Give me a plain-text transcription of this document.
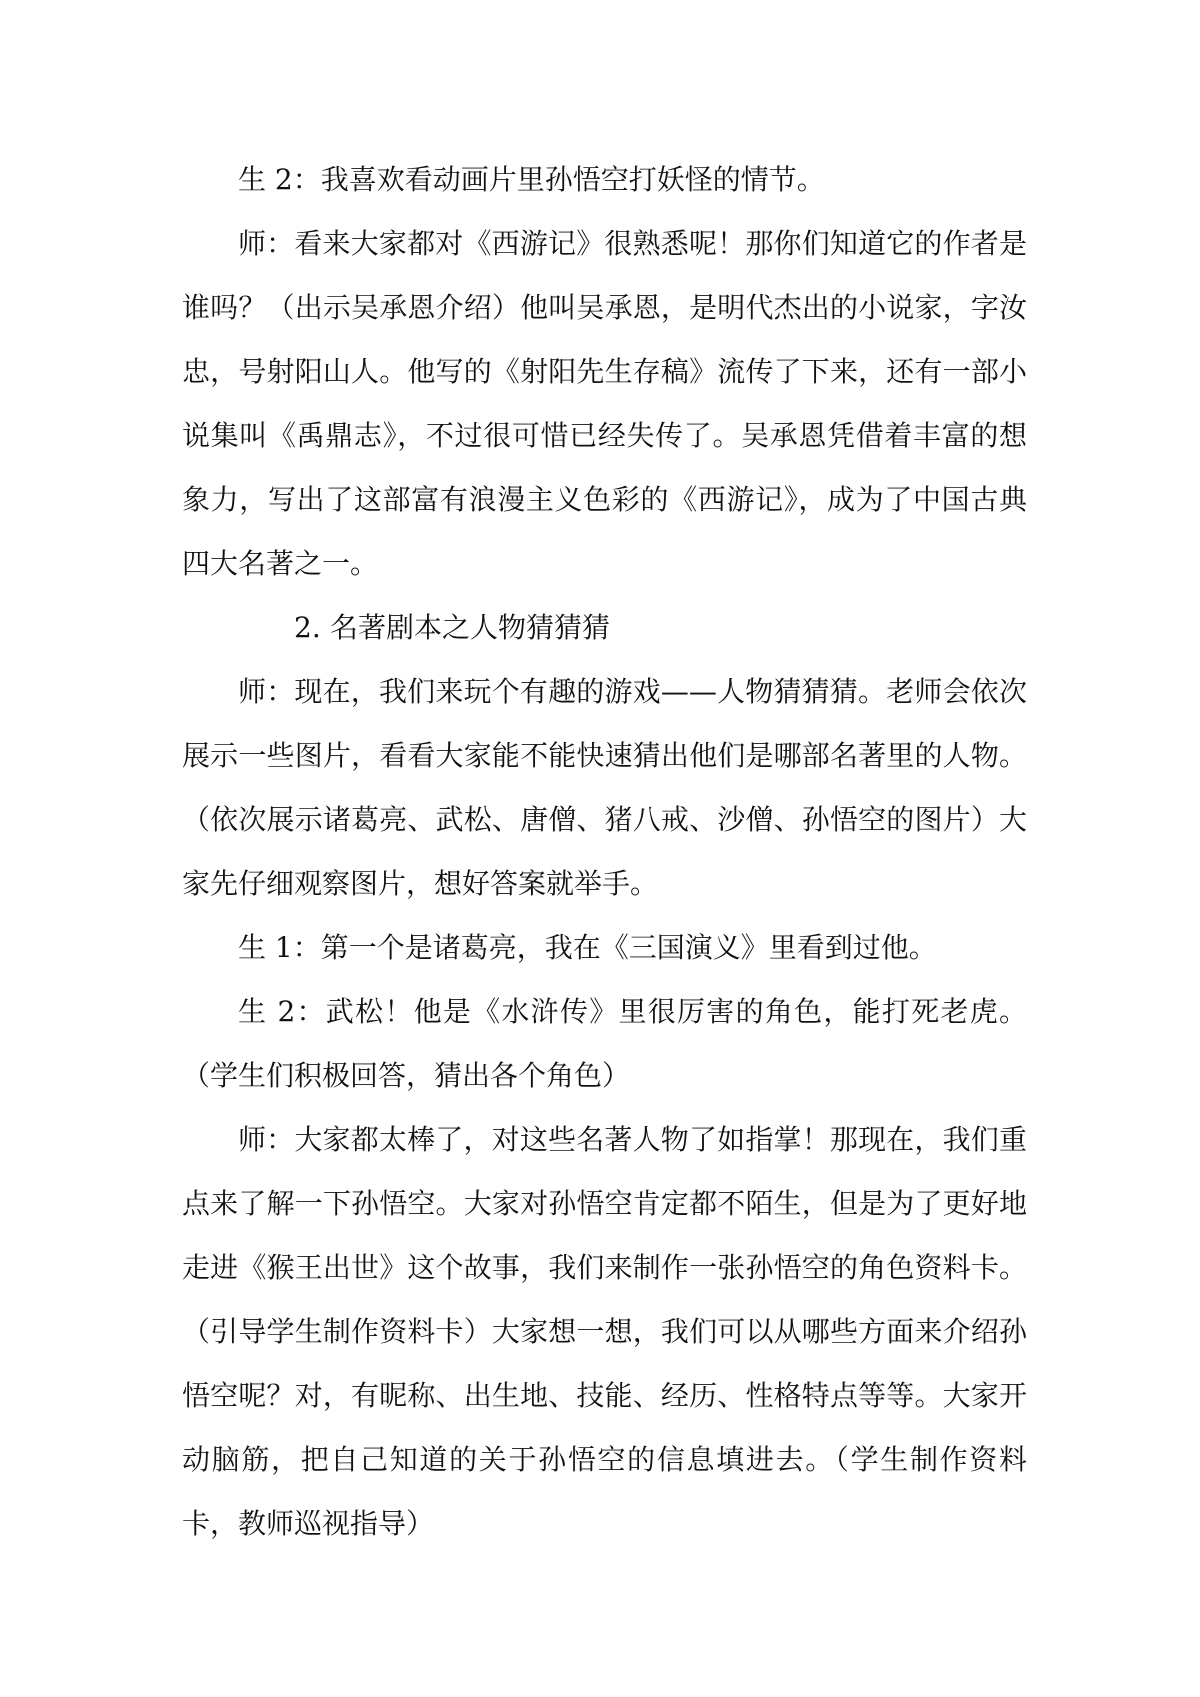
生 2：我喜欢看动画片里孙悟空打妖怪的情节。

师：看来大家都对《西游记》很熟悉呢！那你们知道它的作者是谁吗？（出示吴承恩介绍）他叫吴承恩，是明代杰出的小说家，字汝忠，号射阳山人。他写的《射阳先生存稿》流传了下来，还有一部小说集叫《禹鼎志》，不过很可惜已经失传了。吴承恩凭借着丰富的想象力，写出了这部富有浪漫主义色彩的《西游记》，成为了中国古典四大名著之一。

2. 名著剧本之人物猜猜猜

师：现在，我们来玩个有趣的游戏——人物猜猜猜。老师会依次展示一些图片，看看大家能不能快速猜出他们是哪部名著里的人物。（依次展示诸葛亮、武松、唐僧、猪八戒、沙僧、孙悟空的图片）大家先仔细观察图片，想好答案就举手。

生 1：第一个是诸葛亮，我在《三国演义》里看到过他。

生 2：武松！他是《水浒传》里很厉害的角色，能打死老虎。（学生们积极回答，猜出各个角色）

师：大家都太棒了，对这些名著人物了如指掌！那现在，我们重点来了解一下孙悟空。大家对孙悟空肯定都不陌生，但是为了更好地走进《猴王出世》这个故事，我们来制作一张孙悟空的角色资料卡。（引导学生制作资料卡）大家想一想，我们可以从哪些方面来介绍孙悟空呢？对，有昵称、出生地、技能、经历、性格特点等等。大家开动脑筋，把自己知道的关于孙悟空的信息填进去。（学生制作资料卡，教师巡视指导）
